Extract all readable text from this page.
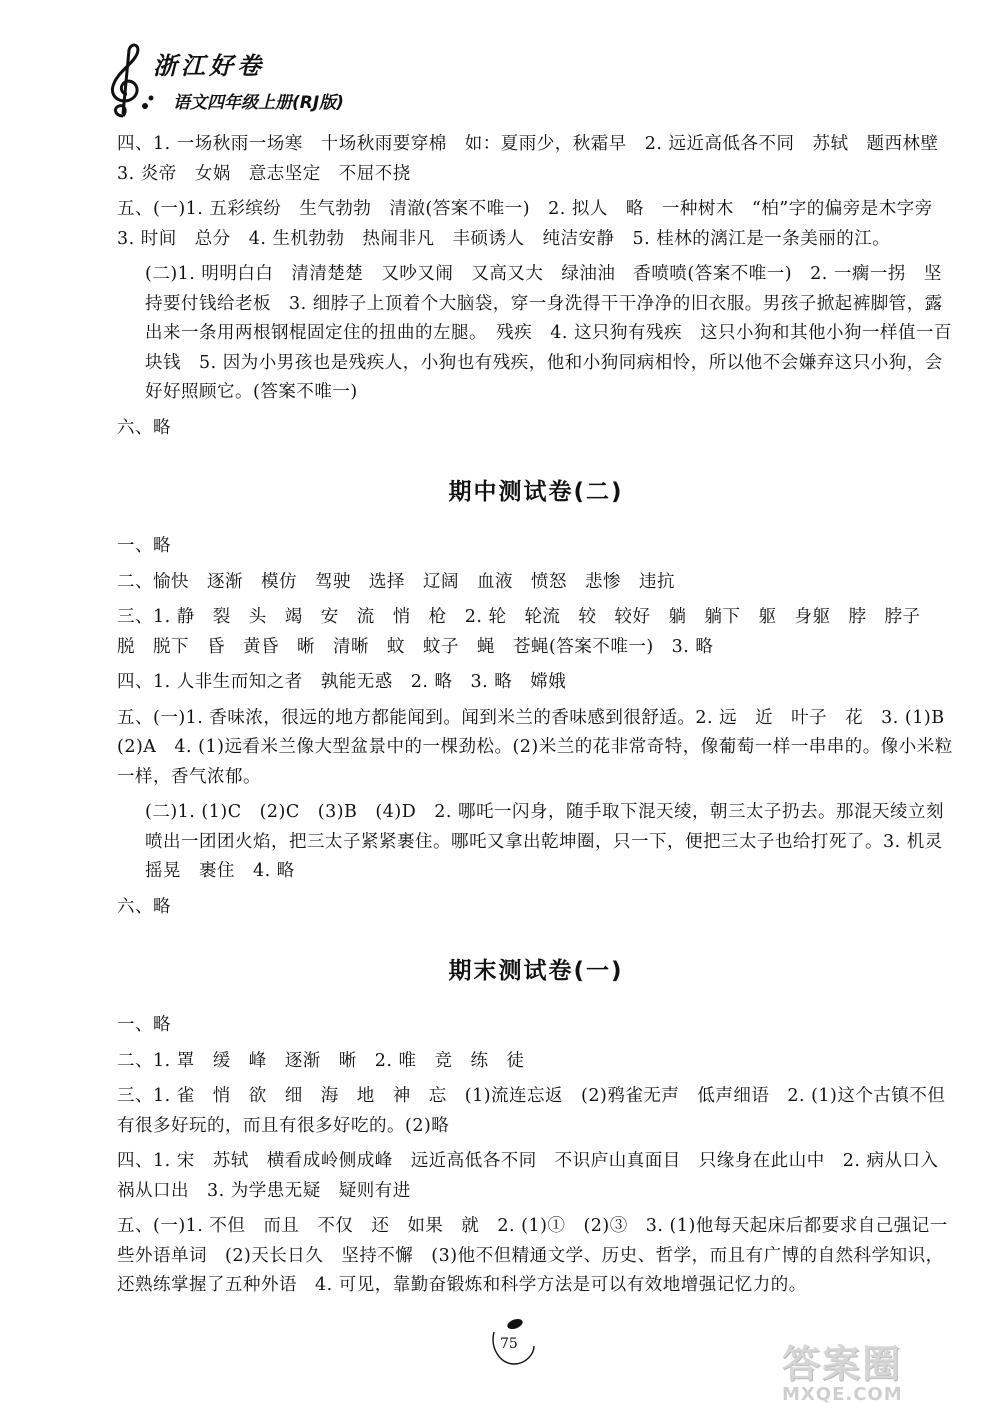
浙江好卷
语文四年级上册(RJ版)
四、1. 一场秋雨一场寒　十场秋雨要穿棉　如：夏雨少，秋霜早　2. 远近高低各不同　苏轼　题西林壁　3. 炎帝　女娲　意志坚定　不屈不挠
五、(一)1. 五彩缤纷　生气勃勃　清澈(答案不唯一)　2. 拟人　略　一种树木　“柏”字的偏旁是木字旁　3. 时间　总分　4. 生机勃勃　热闹非凡　丰硕诱人　纯洁安静　5. 桂林的漓江是一条美丽的江。
(二)1. 明明白白　清清楚楚　又吵又闹　又高又大　绿油油　香喷喷(答案不唯一)　2. 一瘸一拐　坚持要付钱给老板　3. 细脖子上顶着个大脑袋，穿一身洗得干干净净的旧衣服。男孩子掀起裤脚管，露出来一条用两根钢棍固定住的扭曲的左腿。　残疾　4. 这只狗有残疾　这只小狗和其他小狗一样值一百块钱　5. 因为小男孩也是残疾人，小狗也有残疾，他和小狗同病相怜，所以他不会嫌弃这只小狗，会好好照顾它。(答案不唯一)
六、略
期中测试卷(二)
一、略
二、愉快　逐渐　模仿　驾驶　选择　辽阔　血液　愤怒　悲惨　违抗
三、1. 静　裂　头　竭　安　流　悄　枪　2. 轮　轮流　较　较好　躺　躺下　躯　身躯　脖　脖子　脱　脱下　昏　黄昏　晰　清晰　蚊　蚊子　蝇　苍蝇(答案不唯一)　3. 略
四、1. 人非生而知之者　孰能无惑　2. 略　3. 略　嫦娥
五、(一)1. 香味浓，很远的地方都能闻到。闻到米兰的香味感到很舒适。2. 远　近　叶子　花　3. (1)B　(2)A　4. (1)远看米兰像大型盆景中的一棵劲松。(2)米兰的花非常奇特，像葡萄一样一串串的。像小米粒一样，香气浓郁。
(二)1. (1)C　(2)C　(3)B　(4)D　2. 哪吒一闪身，随手取下混天绫，朝三太子扔去。那混天绫立刻喷出一团团火焰，把三太子紧紧裹住。哪吒又拿出乾坤圈，只一下，便把三太子也给打死了。3. 机灵　摇晃　裹住　4. 略
六、略
期末测试卷(一)
一、略
二、1. 罩　缓　峰　逐渐　晰　2. 唯　竞　练　徒
三、1. 雀　悄　欲　细　海　地　神　忘　(1)流连忘返　(2)鸦雀无声　低声细语　2. (1)这个古镇不但有很多好玩的，而且有很多好吃的。(2)略
四、1. 宋　苏轼　横看成岭侧成峰　远近高低各不同　不识庐山真面目　只缘身在此山中　2. 病从口入　祸从口出　3. 为学患无疑　疑则有进
五、(一)1. 不但　而且　不仅　还　如果　就　2. (1)①　(2)③　3. (1)他每天起床后都要求自己强记一些外语单词　(2)天长日久　坚持不懈　(3)他不但精通文学、历史、哲学，而且有广博的自然科学知识，还熟练掌握了五种外语　4. 可见，靠勤奋锻炼和科学方法是可以有效地增强记忆力的。
75	答案圈
MXQE.COM
